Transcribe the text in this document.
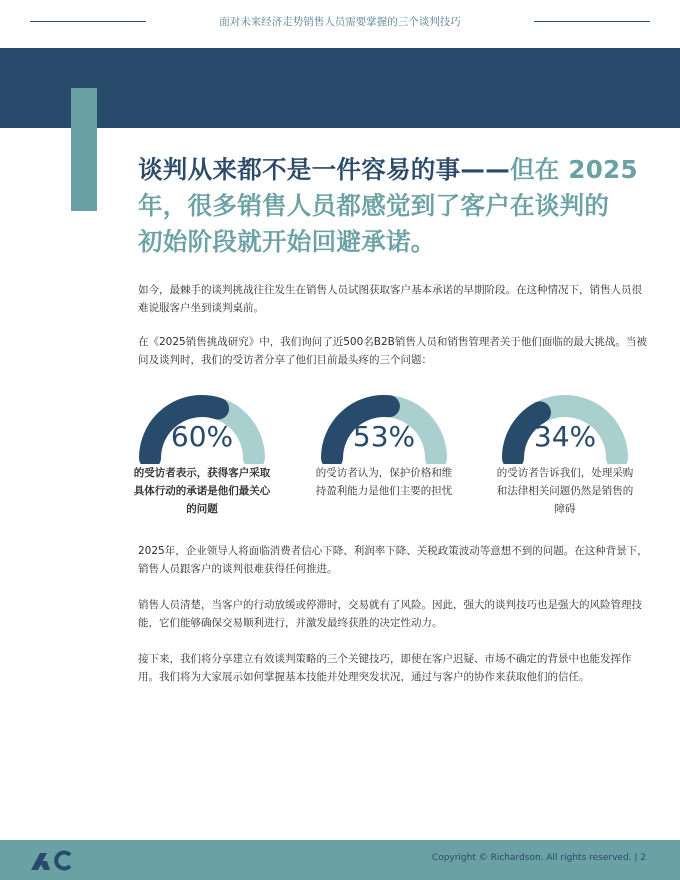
面对未来经济走势销售人员需要掌握的三个谈判技巧
谈判从来都不是一件容易的事——但在 2025
年，很多销售人员都感觉到了客户在谈判的
初始阶段就开始回避承诺。

如今，最棘手的谈判挑战往往发生在销售人员试图获取客户基本承诺的早期阶段。在这种情况下，销售人员很难说服客户坐到谈判桌前。

在《2025销售挑战研究》中，我们询问了近500名B2B销售人员和销售管理者关于他们面临的最大挑战。当被问及谈判时，我们的受访者分享了他们目前最头疼的三个问题：

60%
的受访者表示，获得客户采取具体行动的承诺是他们最关心的问题
53%
的受访者认为，保护价格和维持盈利能力是他们主要的担忧
34%
的受访者告诉我们，处理采购和法律相关问题仍然是销售的障碍

2025年，企业领导人将面临消费者信心下降、利润率下降、关税政策波动等意想不到的问题。在这种背景下，销售人员跟客户的谈判很难获得任何推进。

销售人员清楚，当客户的行动放缓或停滞时，交易就有了风险。因此，强大的谈判技巧也是强大的风险管理技能，它们能够确保交易顺利进行，并激发最终获胜的决定性动力。

接下来，我们将分享建立有效谈判策略的三个关键技巧，即使在客户迟疑、市场不确定的背景中也能发挥作用。我们将为大家展示如何掌握基本技能并处理突发状况，通过与客户的协作来获取他们的信任。

Copyright © Richardson. All rights reserved. | 2
